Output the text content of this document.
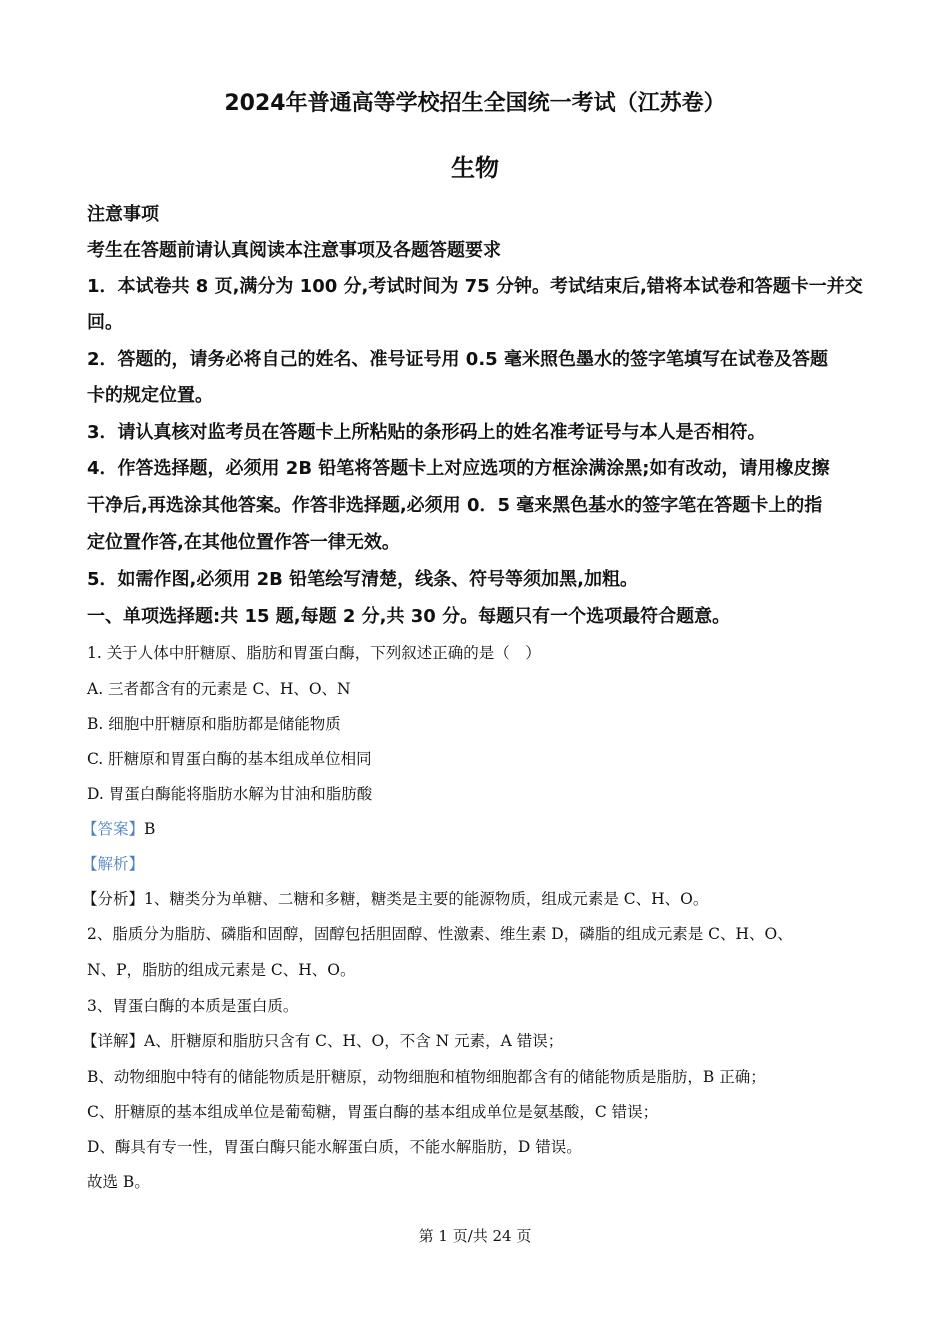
2024年普通高等学校招生全国统一考试（江苏卷）
生物
注意事项
考生在答题前请认真阅读本注意事项及各题答题要求
1．本试卷共 8 页,满分为 100 分,考试时间为 75 分钟。考试结束后,错将本试卷和答题卡一并交
回。
2．答题的，请务必将自己的姓名、准号证号用 0.5 毫米照色墨水的签字笔填写在试卷及答题
卡的规定位置。
3．请认真核对监考员在答题卡上所粘贴的条形码上的姓名准考证号与本人是否相符。
4．作答选择题，必须用 2B 铅笔将答题卡上对应选项的方框涂满涂黑;如有改动，请用橡皮擦
干净后,再选涂其他答案。作答非选择题,必须用 0．5 毫来黑色基水的签字笔在答题卡上的指
定位置作答,在其他位置作答一律无效。
5．如需作图,必须用 2B 铅笔绘写清楚，线条、符号等须加黑,加粗。
一、单项选择题:共 15 题,每题 2 分,共 30 分。每题只有一个选项最符合题意。
1. 关于人体中肝糖原、脂肪和胃蛋白酶，下列叙述正确的是（　）
A. 三者都含有的元素是 C、H、O、N
B. 细胞中肝糖原和脂肪都是储能物质
C. 肝糖原和胃蛋白酶的基本组成单位相同
D. 胃蛋白酶能将脂肪水解为甘油和脂肪酸
【答案】B
【解析】
【分析】1、糖类分为单糖、二糖和多糖，糖类是主要的能源物质，组成元素是 C、H、O。
2、脂质分为脂肪、磷脂和固醇，固醇包括胆固醇、性激素、维生素 D，磷脂的组成元素是 C、H、O、
N、P，脂肪的组成元素是 C、H、O。
3、胃蛋白酶的本质是蛋白质。
【详解】A、肝糖原和脂肪只含有 C、H、O，不含 N 元素，A 错误；
B、动物细胞中特有的储能物质是肝糖原，动物细胞和植物细胞都含有的储能物质是脂肪，B 正确；
C、肝糖原的基本组成单位是葡萄糖，胃蛋白酶的基本组成单位是氨基酸，C 错误；
D、酶具有专一性，胃蛋白酶只能水解蛋白质，不能水解脂肪，D 错误。
故选 B。
第 1 页/共 24 页
